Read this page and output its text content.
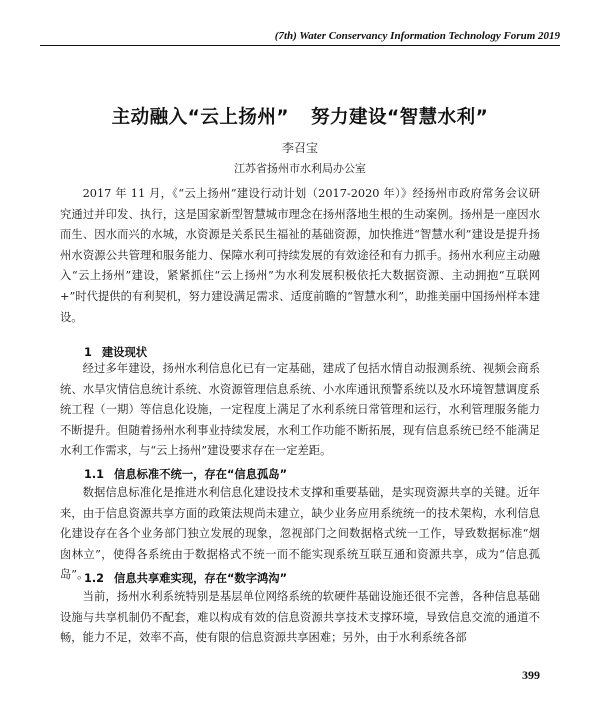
(7th) Water Conservancy Information Technology Forum 2019
主动融入“云上扬州” 努力建设“智慧水利”
李召宝
江苏省扬州市水利局办公室

2017 年 11 月，《“云上扬州”建设行动计划（2017-2020 年）》经扬州市政府常务会议研究通过并印发、执行，这是国家新型智慧城市理念在扬州落地生根的生动案例。扬州是一座因水而生、因水而兴的水城，水资源是关系民生福祉的基础资源，加快推进“智慧水利”建设是提升扬州水资源公共管理和服务能力、保障水利可持续发展的有效途径和有力抓手。扬州水利应主动融入“云上扬州”建设，紧紧抓住“云上扬州”为水利发展积极依托大数据资源、主动拥抱“互联网+”时代提供的有利契机，努力建设满足需求、适度前瞻的“智慧水利”，助推美丽中国扬州样本建设。

1 建设现状

经过多年建设，扬州水利信息化已有一定基础，建成了包括水情自动报测系统、视频会商系统、水旱灾情信息统计系统、水资源管理信息系统、小水库通讯预警系统以及水环境智慧调度系统工程（一期）等信息化设施，一定程度上满足了水利系统日常管理和运行，水利管理服务能力不断提升。但随着扬州水利事业持续发展，水利工作功能不断拓展，现有信息系统已经不能满足水利工作需求，与“云上扬州”建设要求存在一定差距。

1.1 信息标准不统一，存在“信息孤岛”

数据信息标准化是推进水利信息化建设技术支撑和重要基础，是实现资源共享的关键。近年来，由于信息资源共享方面的政策法规尚未建立，缺少业务应用系统统一的技术架构，水利信息化建设存在各个业务部门独立发展的现象，忽视部门之间数据格式统一工作，导致数据标准“烟囱林立”，使得各系统由于数据格式不统一而不能实现系统互联互通和资源共享，成为“信息孤岛”。

1.2 信息共享难实现，存在“数字鸿沟”

当前，扬州水利系统特别是基层单位网络系统的软硬件基础设施还很不完善，各种信息基础设施与共享机制仍不配套，难以构成有效的信息资源共享技术支撑环境，导致信息交流的通道不畅，能力不足，效率不高，使有限的信息资源共享困难；另外，由于水利系统各部

399
